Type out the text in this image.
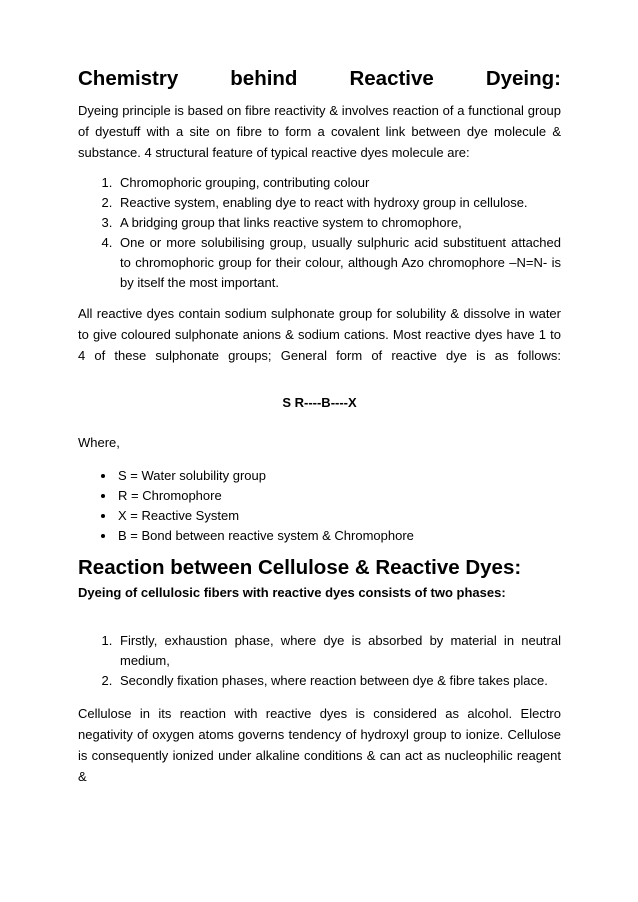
Chemistry behind Reactive Dyeing:

Dyeing principle is based on fibre reactivity & involves reaction of a functional group of dyestuff with a site on fibre to form a covalent link between dye molecule & substance. 4 structural feature of typical reactive dyes molecule are:

1. Chromophoric grouping, contributing colour
2. Reactive system, enabling dye to react with hydroxy group in cellulose.
3. A bridging group that links reactive system to chromophore,
4. One or more solubilising group, usually sulphuric acid substituent attached to chromophoric group for their colour, although Azo chromophore –N=N- is by itself the most important.

All reactive dyes contain sodium sulphonate group for solubility & dissolve in water to give coloured sulphonate anions & sodium cations. Most reactive dyes have 1 to 4 of these sulphonate groups; General form of reactive dye is as follows:

S R----B----X

Where,

• S = Water solubility group
• R = Chromophore
• X = Reactive System
• B = Bond between reactive system & Chromophore
Reaction between Cellulose & Reactive Dyes:
Dyeing of cellulosic fibers with reactive dyes consists of two phases:
1. Firstly, exhaustion phase, where dye is absorbed by material in neutral medium,
2. Secondly fixation phases, where reaction between dye & fibre takes place.

Cellulose in its reaction with reactive dyes is considered as alcohol. Electro negativity of oxygen atoms governs tendency of hydroxyl group to ionize. Cellulose is consequently ionized under alkaline conditions & can act as nucleophilic reagent &
